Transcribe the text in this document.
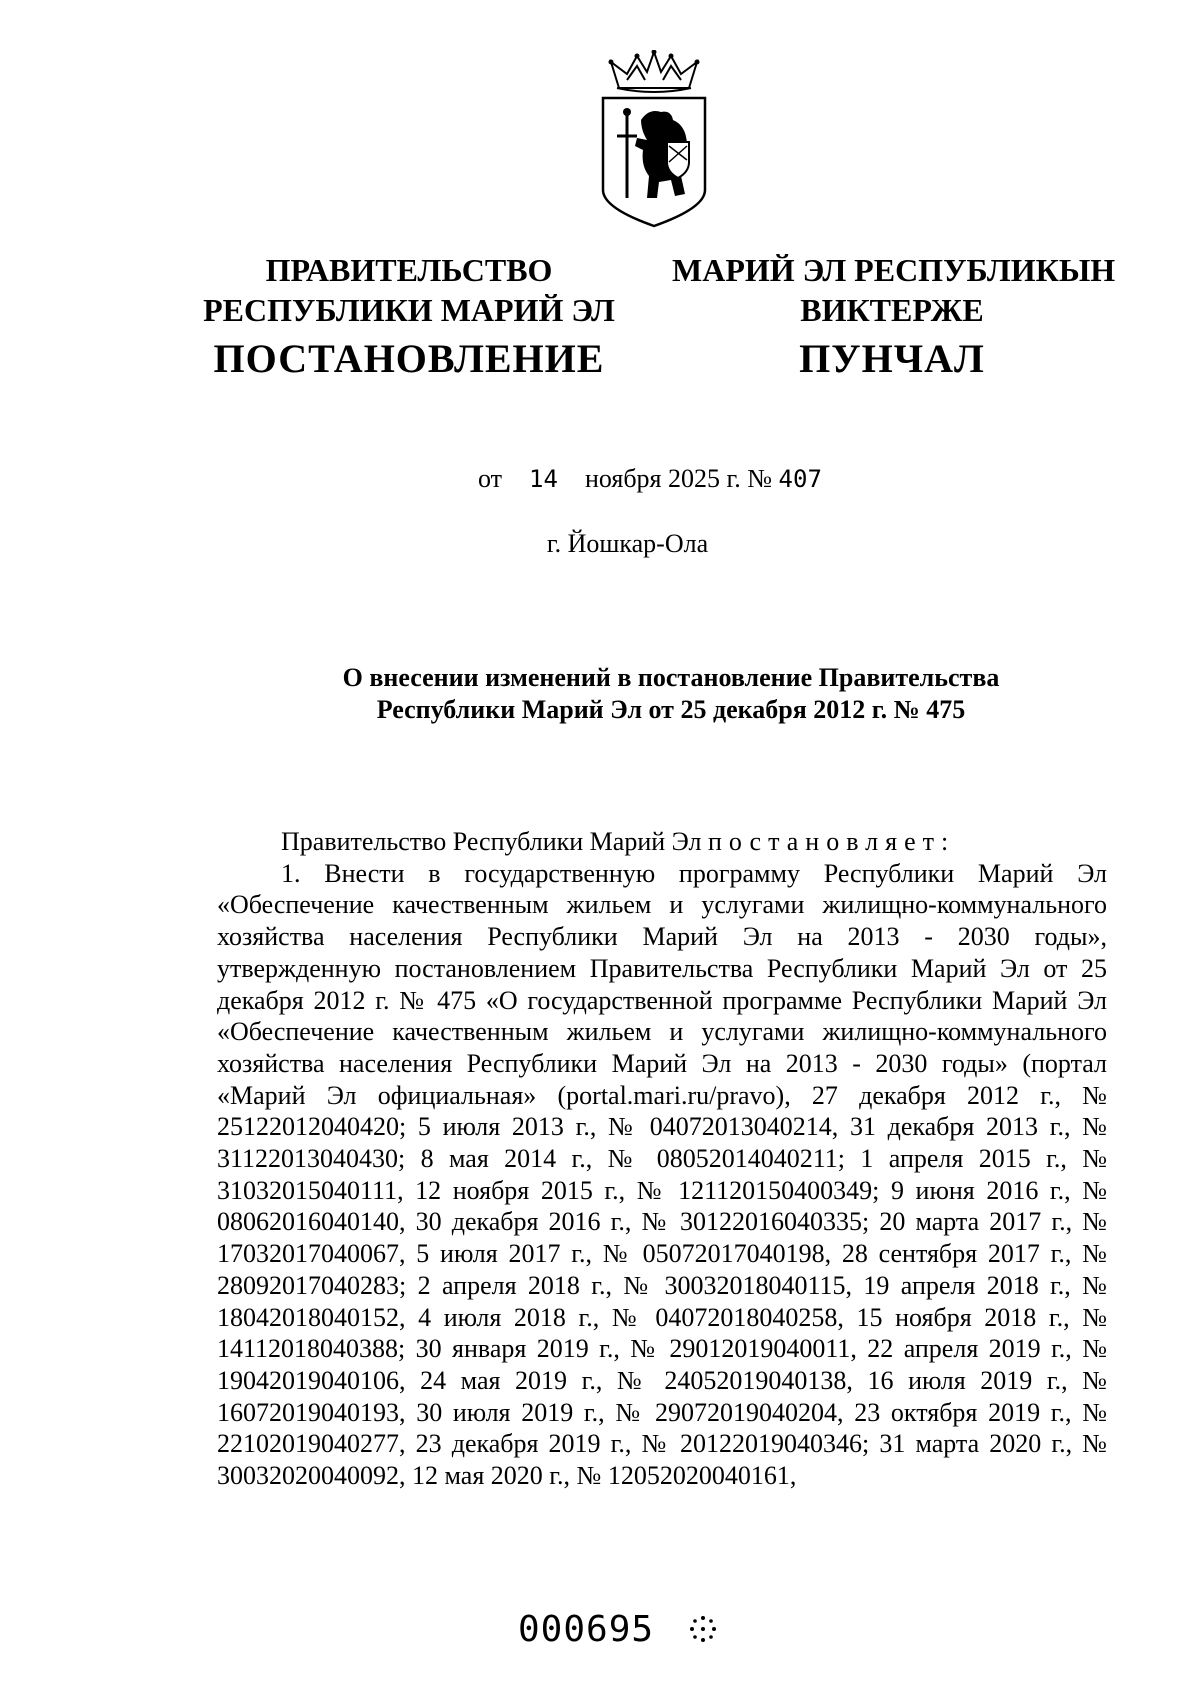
ПРАВИТЕЛЬСТВО
РЕСПУБЛИКИ МАРИЙ ЭЛ
ПОСТАНОВЛЕНИЕ
МАРИЙ ЭЛ РЕСПУБЛИКЫН
ВИКТЕРЖЕ
ПУНЧАЛ
от 14 ноября 2025 г. № 407
г. Йошкар-Ола
О внесении изменений в постановление Правительства
Республики Марий Эл от 25 декабря 2012 г. № 475
Правительство Республики Марий Эл постановляет:

1. Внести в государственную программу Республики Марий Эл «Обеспечение качественным жильем и услугами жилищно-коммунального хозяйства населения Республики Марий Эл на 2013 - 2030 годы», утвержденную постановлением Правительства Республики Марий Эл от 25 декабря 2012 г. № 475 «О государственной программе Республики Марий Эл «Обеспечение качественным жильем и услугами жилищно-коммунального хозяйства населения Республики Марий Эл на 2013 - 2030 годы» (портал «Марий Эл официальная» (portal.mari.ru/pravo), 27 декабря 2012 г., № 25122012040420; 5 июля 2013 г., № 04072013040214, 31 декабря 2013 г., № 31122013040430; 8 мая 2014 г., № 08052014040211; 1 апреля 2015 г., № 31032015040111, 12 ноября 2015 г., № 121120150400349; 9 июня 2016 г., № 08062016040140, 30 декабря 2016 г., № 30122016040335; 20 марта 2017 г., № 17032017040067, 5 июля 2017 г., № 05072017040198, 28 сентября 2017 г., № 28092017040283; 2 апреля 2018 г., № 30032018040115, 19 апреля 2018 г., № 18042018040152, 4 июля 2018 г., № 04072018040258, 15 ноября 2018 г., № 14112018040388; 30 января 2019 г., № 29012019040011, 22 апреля 2019 г., № 19042019040106, 24 мая 2019 г., № 24052019040138, 16 июля 2019 г., № 16072019040193, 30 июля 2019 г., № 29072019040204, 23 октября 2019 г., № 22102019040277, 23 декабря 2019 г., № 20122019040346; 31 марта 2020 г., № 30032020040092, 12 мая 2020 г., № 12052020040161,

000695
